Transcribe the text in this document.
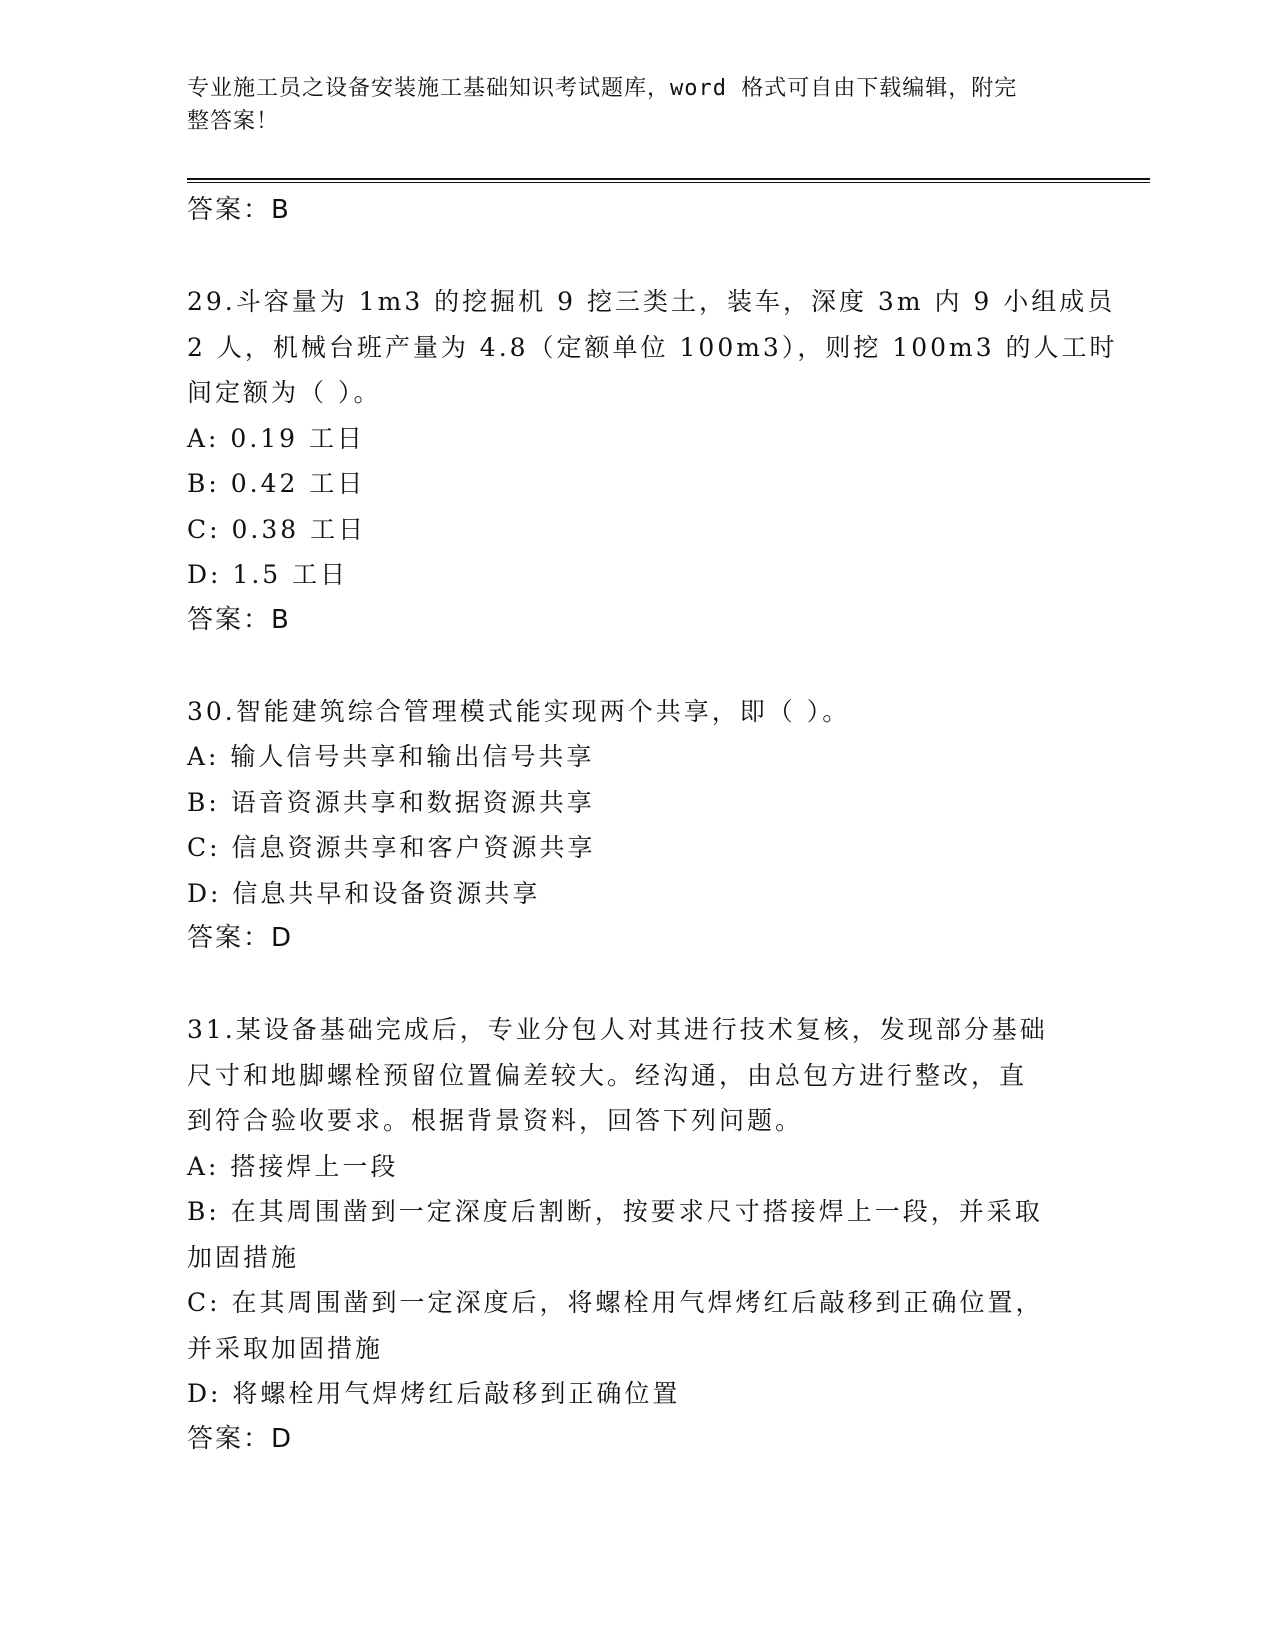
专业施工员之设备安装施工基础知识考试题库，word 格式可自由下载编辑，附完
整答案！
答案：B
29.斗容量为 1m3 的挖掘机 9 挖三类土，装车，深度 3m 内 9 小组成员
2 人，机械台班产量为 4.8（定额单位 100m3），则挖 100m3 的人工时
间定额为（ ）。
A: 0.19 工日
B: 0.42 工日
C: 0.38 工日
D: 1.5 工日
答案：B
30.智能建筑综合管理模式能实现两个共享，即（ ）。
A: 输人信号共享和输出信号共享
B: 语音资源共享和数据资源共享
C: 信息资源共享和客户资源共享
D: 信息共早和设备资源共享
答案：D
31.某设备基础完成后，专业分包人对其进行技术复核，发现部分基础
尺寸和地脚螺栓预留位置偏差较大。经沟通，由总包方进行整改，直
到符合验收要求。根据背景资料，回答下列问题。
A: 搭接焊上一段
B: 在其周围凿到一定深度后割断，按要求尺寸搭接焊上一段，并采取
加固措施
C: 在其周围凿到一定深度后，将螺栓用气焊烤红后敲移到正确位置，
并采取加固措施
D: 将螺栓用气焊烤红后敲移到正确位置
答案：D
